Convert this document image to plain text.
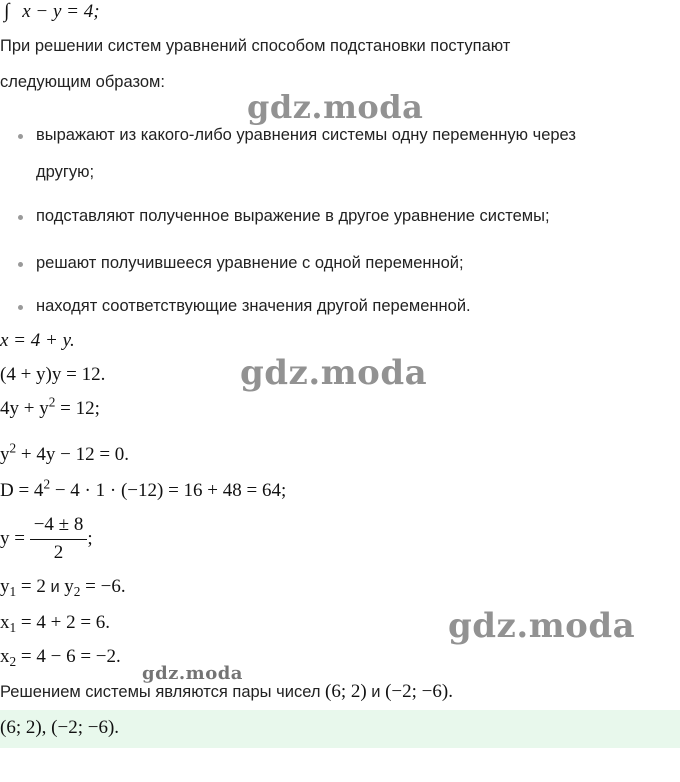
∫ x − y = 4;
При решении систем уравнений способом подстановки поступают
следующим образом:
gdz.moda
выражают из какого-либо уравнения системы одну переменную через
другую;
подставляют полученное выражение в другое уравнение системы;
решают получившееся уравнение с одной переменной;
находят соответствующие значения другой переменной.
x = 4 + y.
(4 + y)y = 12.	gdz.moda
$4y + y^2 = 12$;
$y^2 + 4y - 12 = 0$.
$D = 4^2 - 4 \cdot 1 \cdot (-12) = 16 + 48 = 64$;
$y = \frac{-4 \pm 8}{2}$ ;
$y_1 = 2$ и $y_2 = -6$.
$x_1 = 4 + 2 = 6$.	gdz.moda
$x_2 = 4 - 6 = -2$.
gdz.moda
Решением системы являются пары чисел (6; 2) и (−2; −6).
(6; 2), (−2; −6).
